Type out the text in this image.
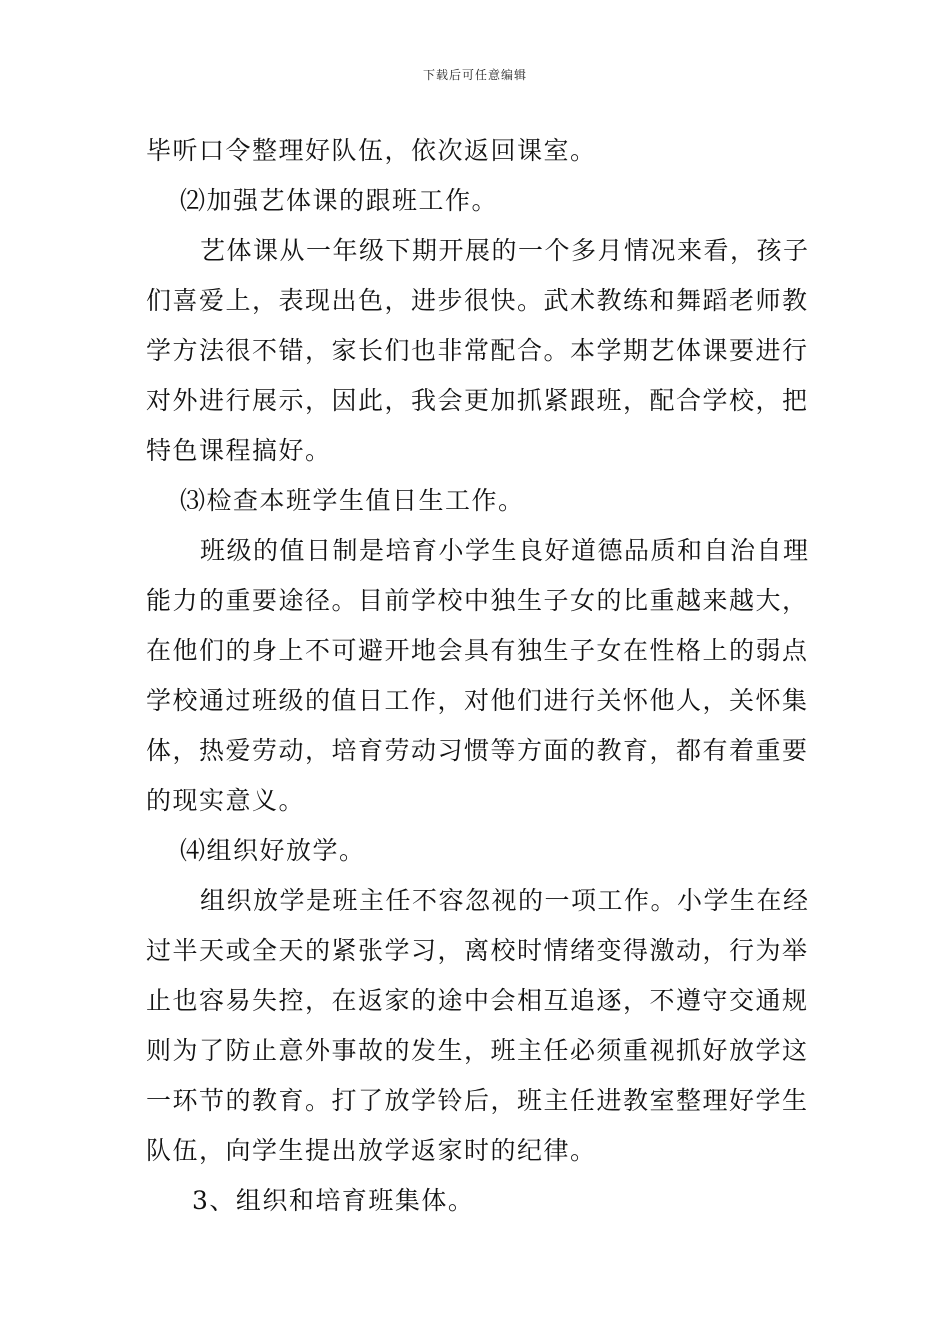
下载后可任意编辑
毕听口令整理好队伍，依次返回课室。
⑵加强艺体课的跟班工作。
艺体课从一年级下期开展的一个多月情况来看，孩子
们喜爱上，表现出色，进步很快。武术教练和舞蹈老师教
学方法很不错，家长们也非常配合。本学期艺体课要进行
对外进行展示，因此，我会更加抓紧跟班，配合学校，把
特色课程搞好。
⑶检查本班学生值日生工作。
班级的值日制是培育小学生良好道德品质和自治自理
能力的重要途径。目前学校中独生子女的比重越来越大，
在他们的身上不可避开地会具有独生子女在性格上的弱点
学校通过班级的值日工作，对他们进行关怀他人，关怀集
体，热爱劳动，培育劳动习惯等方面的教育，都有着重要
的现实意义。
⑷组织好放学。
组织放学是班主任不容忽视的一项工作。小学生在经
过半天或全天的紧张学习，离校时情绪变得激动，行为举
止也容易失控，在返家的途中会相互追逐，不遵守交通规
则为了防止意外事故的发生，班主任必须重视抓好放学这
一环节的教育。打了放学铃后，班主任进教室整理好学生
队伍，向学生提出放学返家时的纪律。
3、组织和培育班集体。
